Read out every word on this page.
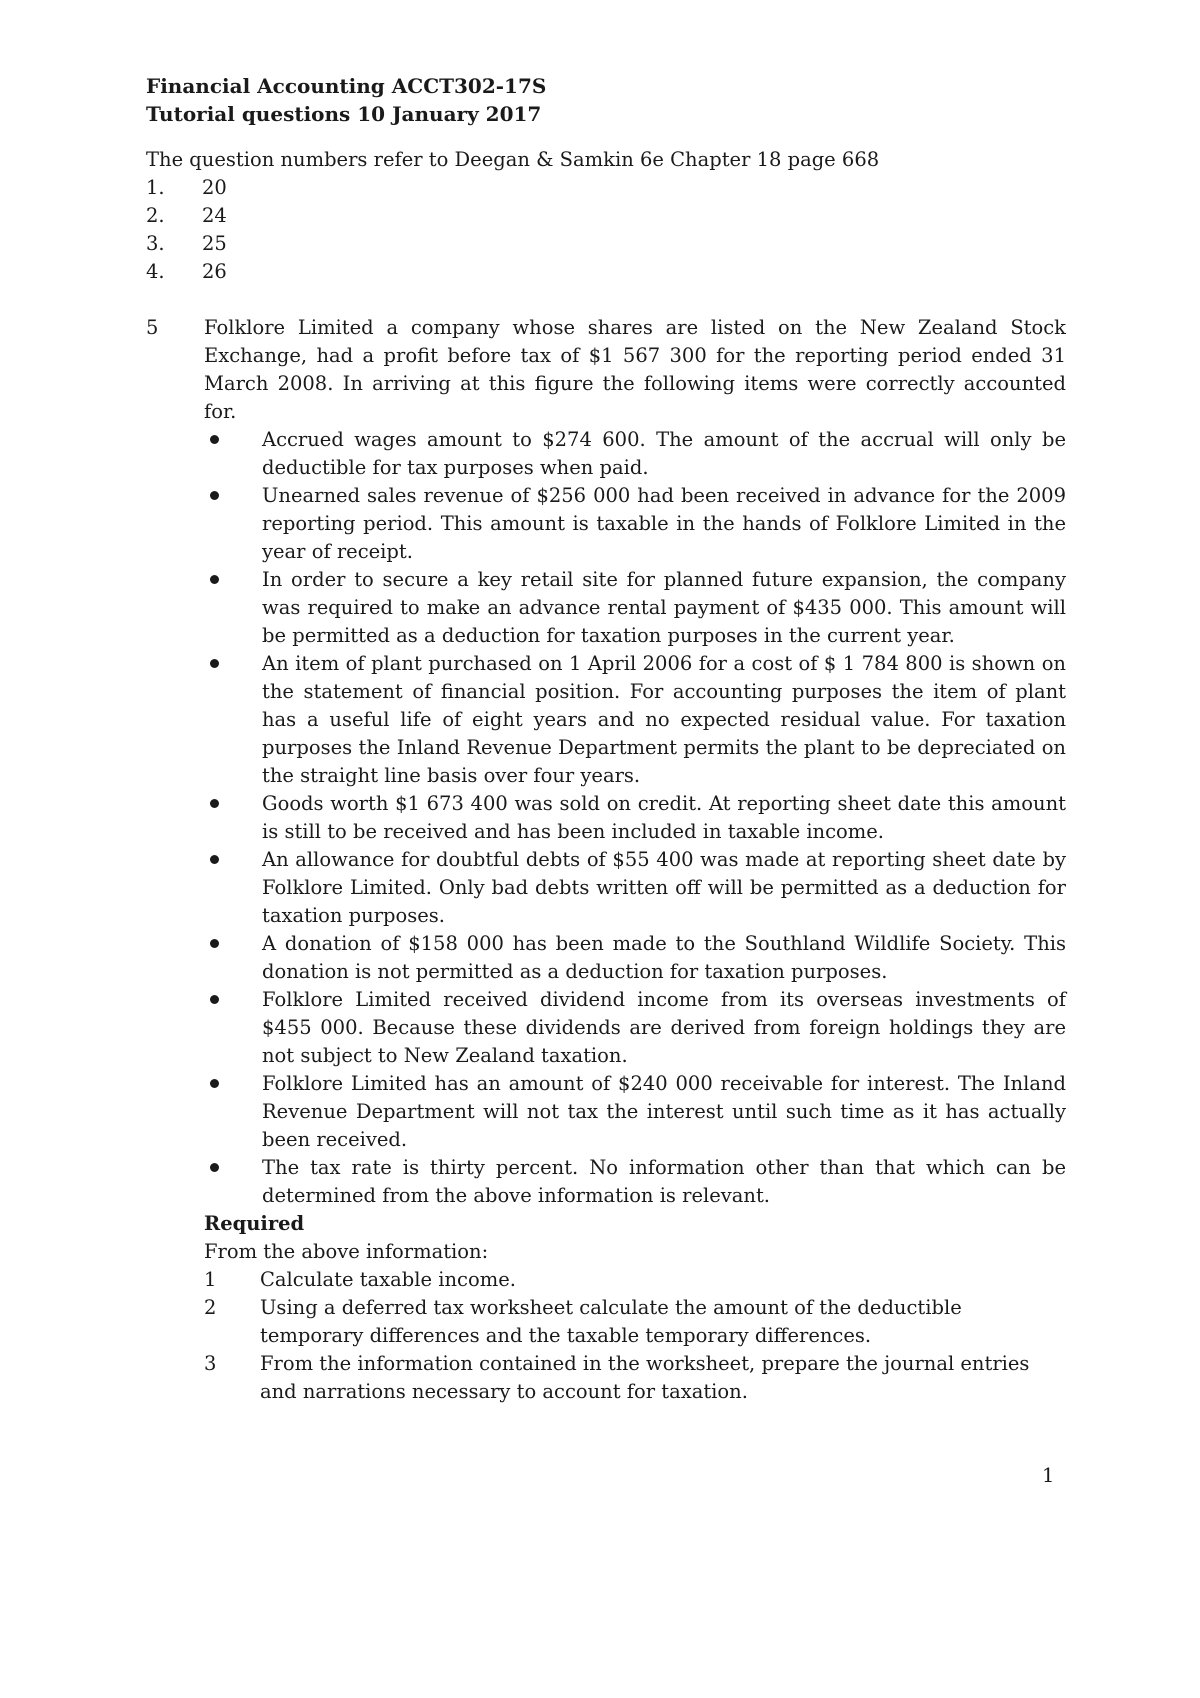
Financial Accounting ACCT302-17S
Tutorial questions 10 January 2017
The question numbers refer to Deegan & Samkin 6e Chapter 18 page 668
1. 20
2. 24
3. 25
4. 26
5 Folklore Limited a company whose shares are listed on the New Zealand Stock Exchange, had a profit before tax of $1 567 300 for the reporting period ended 31 March 2008. In arriving at this figure the following items were correctly accounted for.

Accrued wages amount to $274 600. The amount of the accrual will only be deductible for tax purposes when paid.
Unearned sales revenue of $256 000 had been received in advance for the 2009 reporting period. This amount is taxable in the hands of Folklore Limited in the year of receipt.
In order to secure a key retail site for planned future expansion, the company was required to make an advance rental payment of $435 000. This amount will be permitted as a deduction for taxation purposes in the current year.
An item of plant purchased on 1 April 2006 for a cost of $ 1 784 800 is shown on the statement of financial position. For accounting purposes the item of plant has a useful life of eight years and no expected residual value. For taxation purposes the Inland Revenue Department permits the plant to be depreciated on the straight line basis over four years.
Goods worth $1 673 400 was sold on credit. At reporting sheet date this amount is still to be received and has been included in taxable income.
An allowance for doubtful debts of $55 400 was made at reporting sheet date by Folklore Limited. Only bad debts written off will be permitted as a deduction for taxation purposes.
A donation of $158 000 has been made to the Southland Wildlife Society. This donation is not permitted as a deduction for taxation purposes.
Folklore Limited received dividend income from its overseas investments of $455 000. Because these dividends are derived from foreign holdings they are not subject to New Zealand taxation.
Folklore Limited has an amount of $240 000 receivable for interest. The Inland Revenue Department will not tax the interest until such time as it has actually been received.
The tax rate is thirty percent. No information other than that which can be determined from the above information is relevant.

Required

From the above information:

1 Calculate taxable income.
2 Using a deferred tax worksheet calculate the amount of the deductible temporary differences and the taxable temporary differences.
3 From the information contained in the worksheet, prepare the journal entries and narrations necessary to account for taxation.
1
